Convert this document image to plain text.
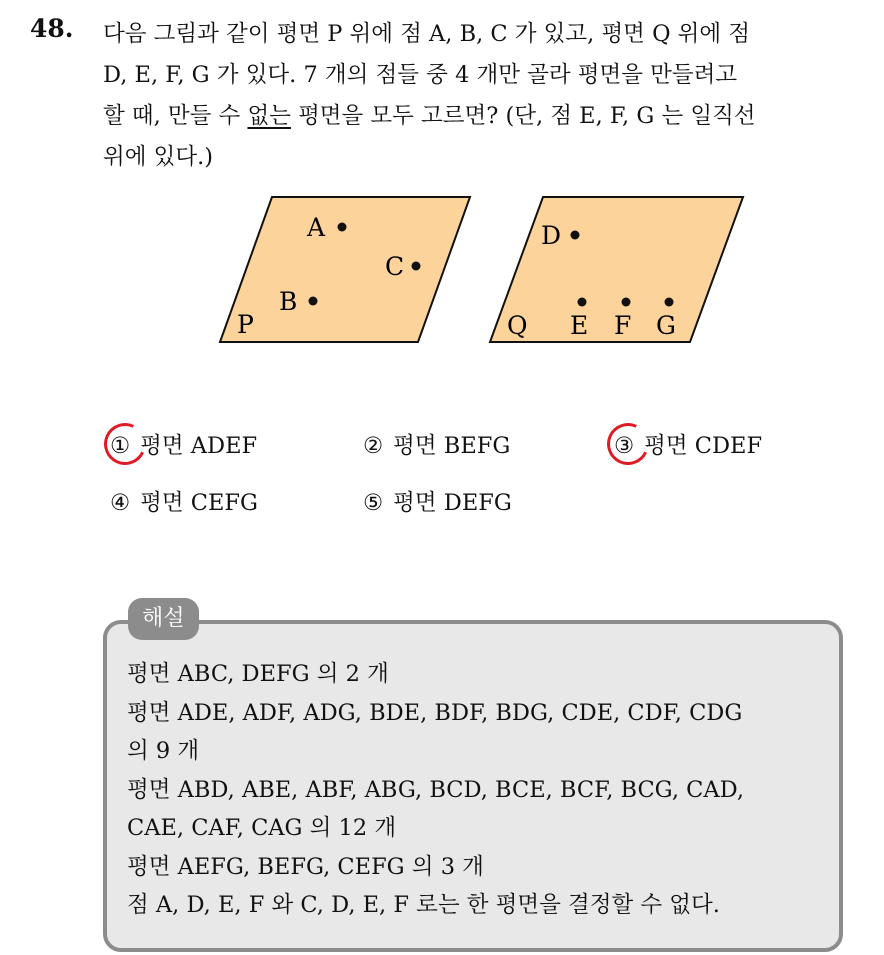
48. 다음 그림과 같이 평면 P 위에 점 A, B, C 가 있고, 평면 Q 위에 점
D, E, F, G 가 있다. 7 개의 점들 중 4 개만 골라 평면을 만들려고
할 때, 만들 수 없는 평면을 모두 고르면? (단, 점 E, F, G 는 일직선
위에 있다.)
P
A
C
B
Q
D
E F G
① 평면 ADEF	② 평면 BEFG	③ 평면 CDEF
④ 평면 CEFG	⑤ 평면 DEFG
해설
평면 ABC, DEFG 의 2 개
평면 ADE, ADF, ADG, BDE, BDF, BDG, CDE, CDF, CDG
의 9 개
평면 ABD, ABE, ABF, ABG, BCD, BCE, BCF, BCG, CAD,
CAE, CAF, CAG 의 12 개
평면 AEFG, BEFG, CEFG 의 3 개
점 A, D, E, F 와 C, D, E, F 로는 한 평면을 결정할 수 없다.
